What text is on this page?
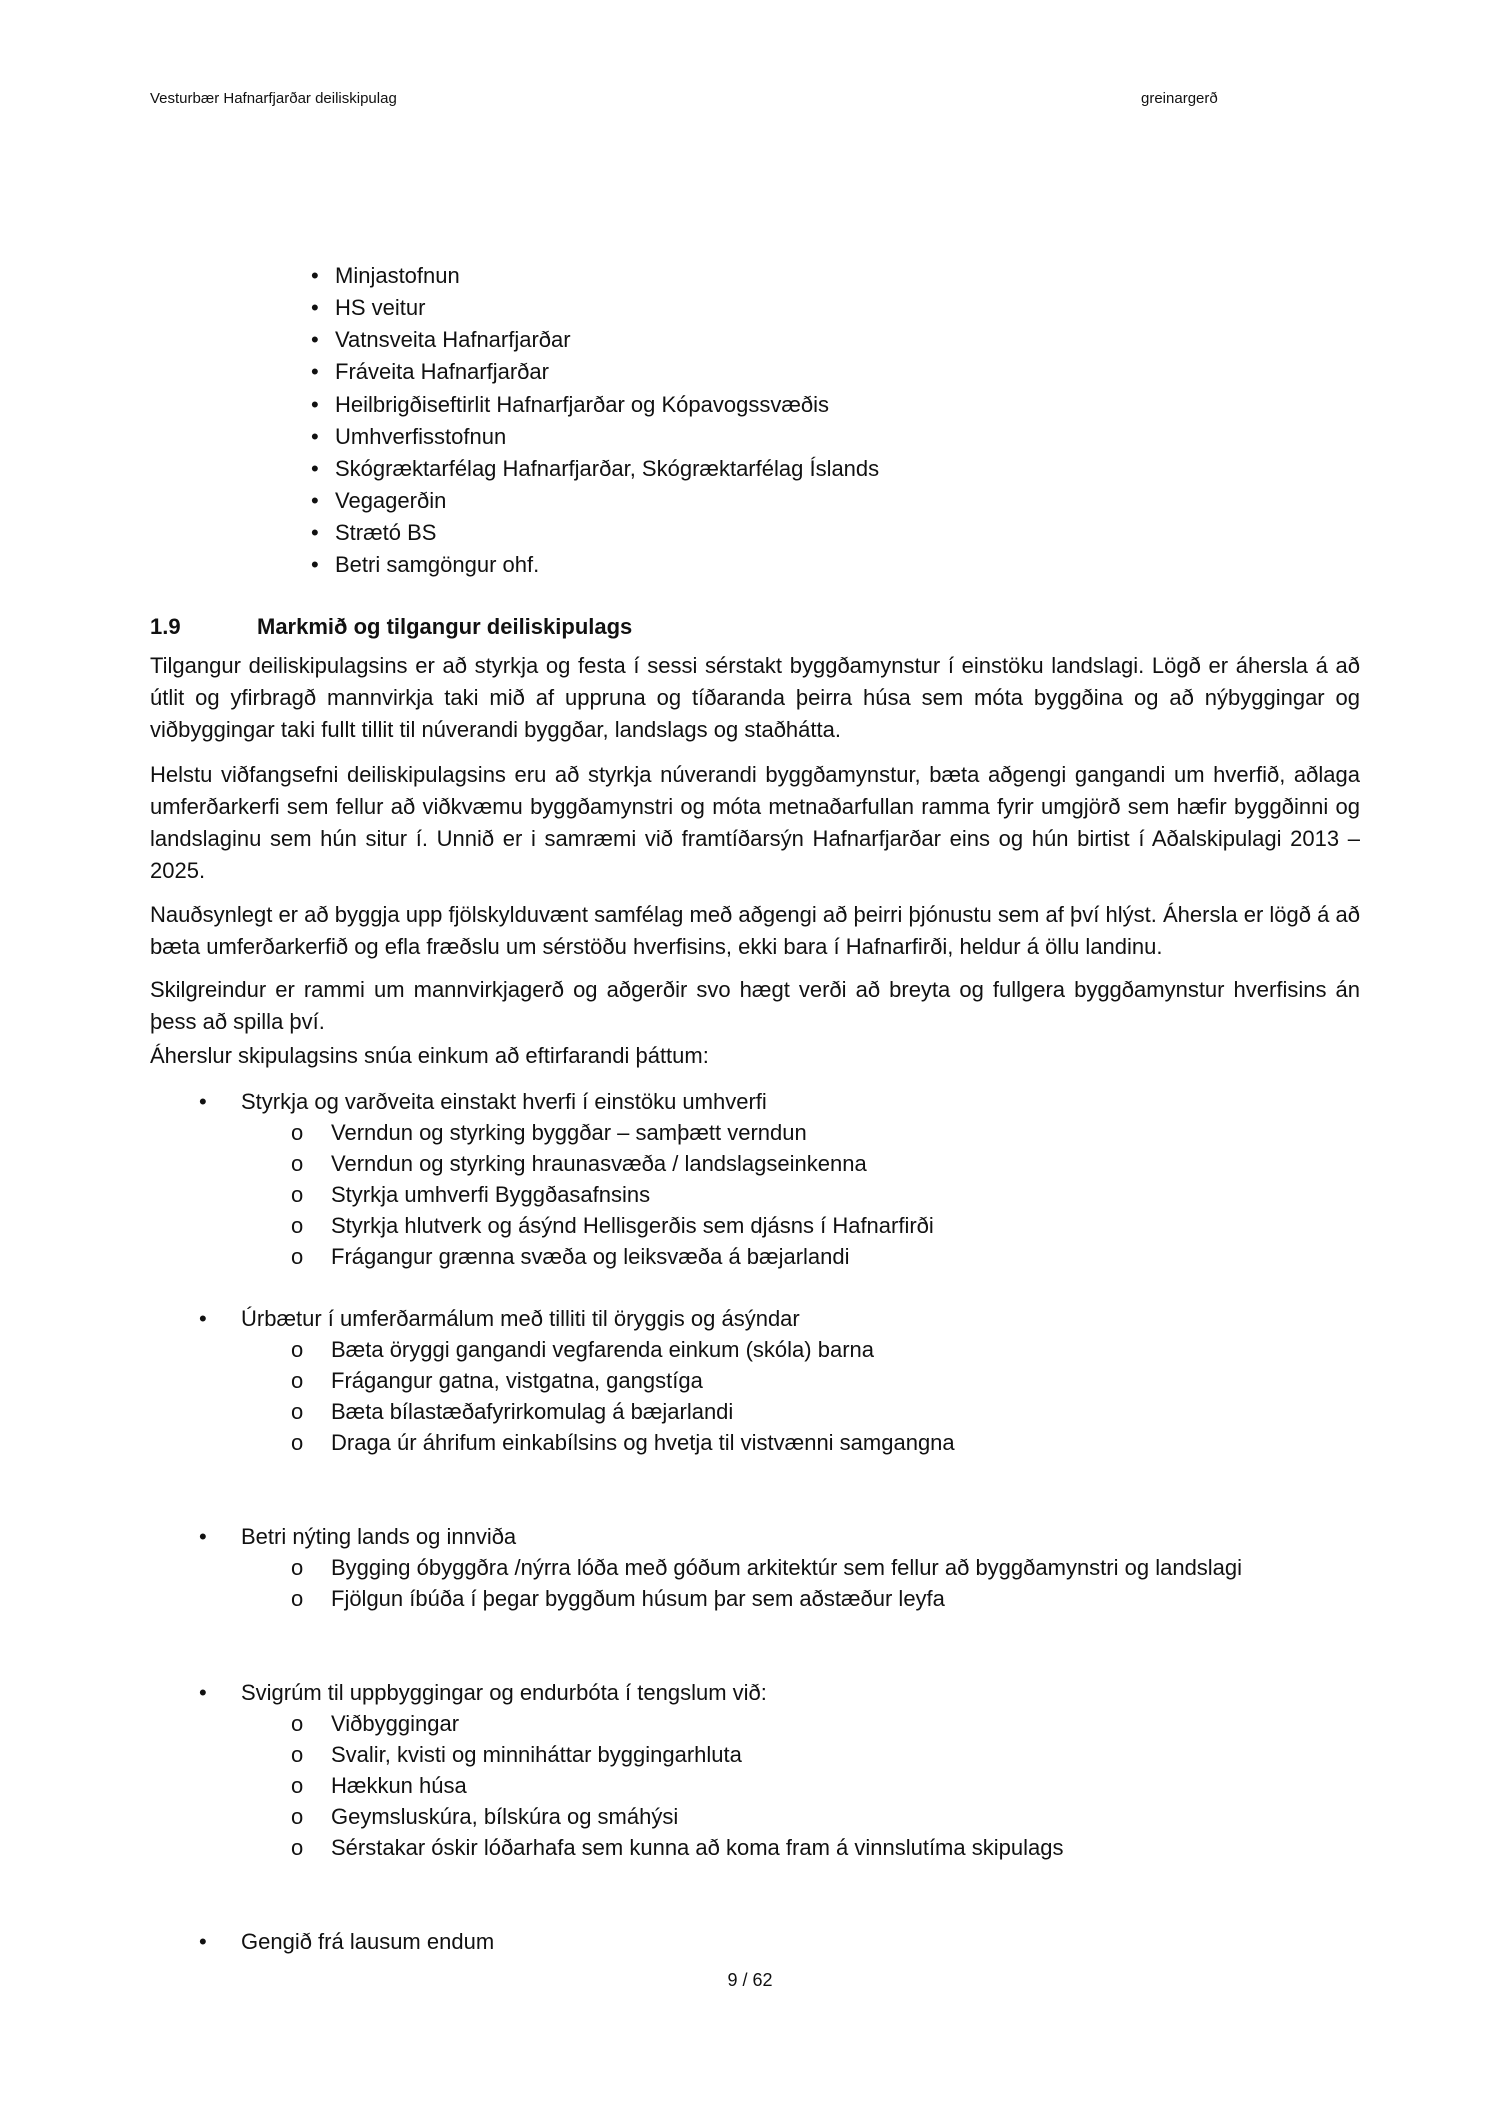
Vesturbær Hafnarfjarðar deiliskipulag	greinargerð
• Minjastofnun
• HS veitur
• Vatnsveita Hafnarfjarðar
• Fráveita Hafnarfjarðar
• Heilbrigðiseftirlit Hafnarfjarðar og Kópavogssvæðis
• Umhverfisstofnun
• Skógræktarfélag Hafnarfjarðar, Skógræktarfélag Íslands
• Vegagerðin
• Strætó BS
• Betri samgöngur ohf.
1.9	Markmið og tilgangur deiliskipulags

Tilgangur deiliskipulagsins er að styrkja og festa í sessi sérstakt byggðamynstur í einstöku landslagi. Lögð er áhersla á að útlit og yfirbragð mannvirkja taki mið af uppruna og tíðaranda þeirra húsa sem móta byggðina og að nýbyggingar og viðbyggingar taki fullt tillit til núverandi byggðar, landslags og staðhátta.

Helstu viðfangsefni deiliskipulagsins eru að styrkja núverandi byggðamynstur, bæta aðgengi gangandi um hverfið, aðlaga umferðarkerfi sem fellur að viðkvæmu byggðamynstri og móta metnaðarfullan ramma fyrir umgjörð sem hæfir byggðinni og landslaginu sem hún situr í. Unnið er i samræmi við framtíðarsýn Hafnarfjarðar eins og hún birtist í Aðalskipulagi 2013 – 2025.

Nauðsynlegt er að byggja upp fjölskylduvænt samfélag með aðgengi að þeirri þjónustu sem af því hlýst. Áhersla er lögð á að bæta umferðarkerfið og efla fræðslu um sérstöðu hverfisins, ekki bara í Hafnarfirði, heldur á öllu landinu.

Skilgreindur er rammi um mannvirkjagerð og aðgerðir svo hægt verði að breyta og fullgera byggðamynstur hverfisins án þess að spilla því.

Áherslur skipulagsins snúa einkum að eftirfarandi þáttum:

• Styrkja og varðveita einstakt hverfi í einstöku umhverfi
o Verndun og styrking byggðar – samþætt verndun
o Verndun og styrking hraunasvæða / landslagseinkenna
o Styrkja umhverfi Byggðasafnsins
o Styrkja hlutverk og ásýnd Hellisgerðis sem djásns í Hafnarfirði
o Frágangur grænna svæða og leiksvæða á bæjarlandi
• Úrbætur í umferðarmálum með tilliti til öryggis og ásýndar
o Bæta öryggi gangandi vegfarenda einkum (skóla) barna
o Frágangur gatna, vistgatna, gangstíga
o Bæta bílastæðafyrirkomulag á bæjarlandi
o Draga úr áhrifum einkabílsins og hvetja til vistvænni samgangna
• Betri nýting lands og innviða
o Bygging óbyggðra /nýrra lóða með góðum arkitektúr sem fellur að byggðamynstri og landslagi
o Fjölgun íbúða í þegar byggðum húsum þar sem aðstæður leyfa
• Svigrúm til uppbyggingar og endurbóta í tengslum við:
o Viðbyggingar
o Svalir, kvisti og minniháttar byggingarhluta
o Hækkun húsa
o Geymsluskúra, bílskúra og smáhýsi
o Sérstakar óskir lóðarhafa sem kunna að koma fram á vinnslutíma skipulags
• Gengið frá lausum endum
9 / 62
